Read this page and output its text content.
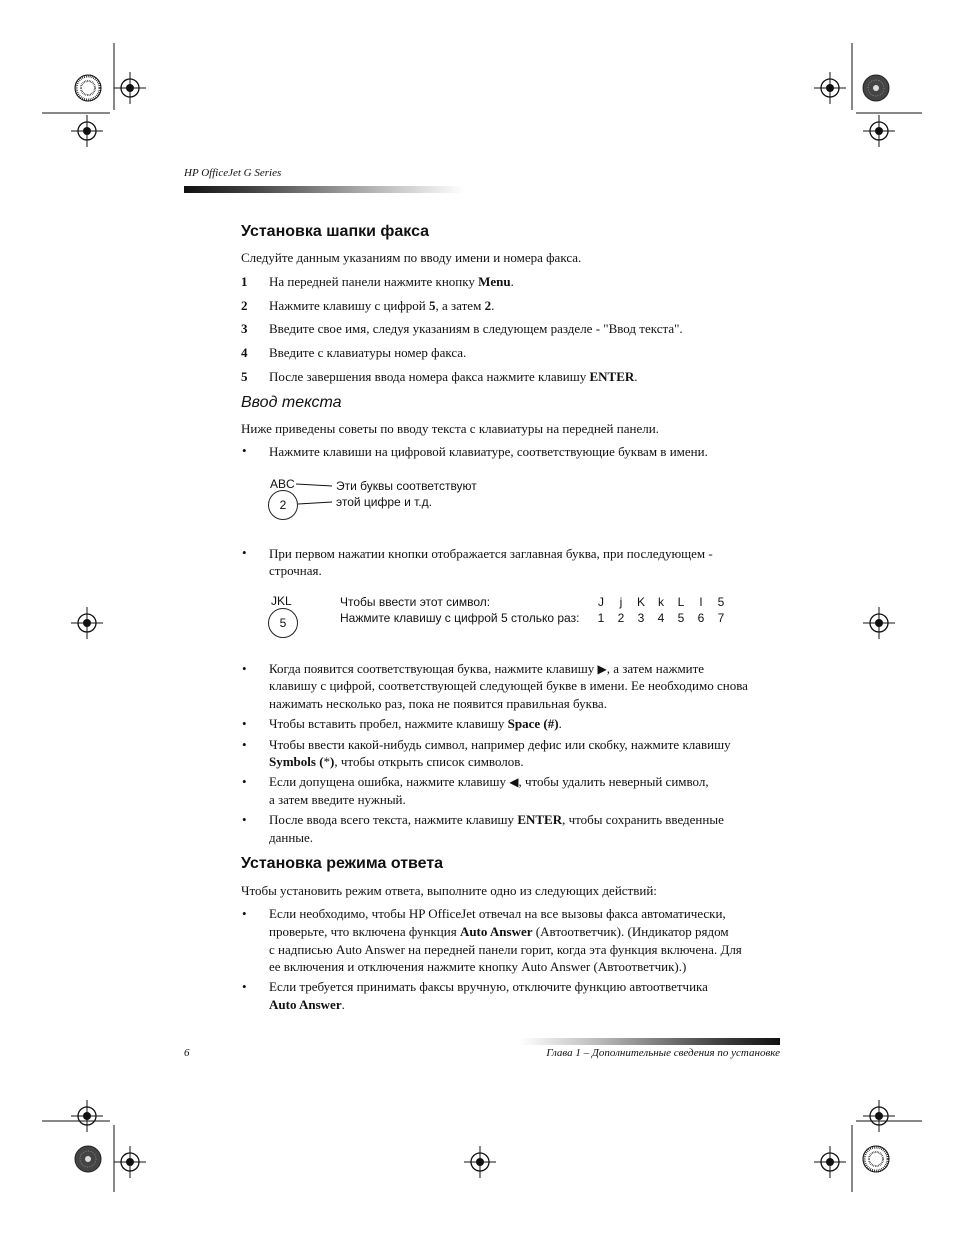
HP OfficeJet G Series
Установка шапки факса
Следуйте данным указаниям по вводу имени и номера факса.
1 На передней панели нажмите кнопку Menu.
2 Нажмите клавишу с цифрой 5, а затем 2.
3 Введите свое имя, следуя указаниям в следующем разделе - "Ввод текста".
4 Введите с клавиатуры номер факса.
5 После завершения ввода номера факса нажмите клавишу ENTER.
Ввод текста
Ниже приведены советы по вводу текста с клавиатуры на передней панели.
• Нажмите клавиши на цифровой клавиатуре, соответствующие буквам в имени.
ABC
2
Эти буквы соответствуют
этой цифре и т.д.
• При первом нажатии кнопки отображается заглавная буква, при последующем -
строчная.
JKL
5
Чтобы ввести этот символ:
Нажмите клавишу с цифрой 5 столько раз:
J
1
j
2
K
3
k
4
L
5
l
6
5
7
• Когда появится соответствующая буква, нажмите клавишу ▶, а затем нажмите
клавишу с цифрой, соответствующей следующей букве в имени. Ее необходимо снова
нажимать несколько раз, пока не появится правильная буква.
• Чтобы вставить пробел, нажмите клавишу Space (#).
• Чтобы ввести какой-нибудь символ, например дефис или скобку, нажмите клавишу
Symbols (*), чтобы открыть список символов.
• Если допущена ошибка, нажмите клавишу ◀, чтобы удалить неверный символ,
а затем введите нужный.
• После ввода всего текста, нажмите клавишу ENTER, чтобы сохранить введенные
данные.
Установка режима ответа
Чтобы установить режим ответа, выполните одно из следующих действий:
• Если необходимо, чтобы HP OfficeJet отвечал на все вызовы факса автоматически,
проверьте, что включена функция Auto Answer (Автоответчик). (Индикатор рядом
с надписью Auto Answer на передней панели горит, когда эта функция включена. Для
ее включения и отключения нажмите кнопку Auto Answer (Автоответчик).)
• Если требуется принимать факсы вручную, отключите функцию автоответчика
Auto Answer.
6	Глава 1 – Дополнительные сведения по установке
